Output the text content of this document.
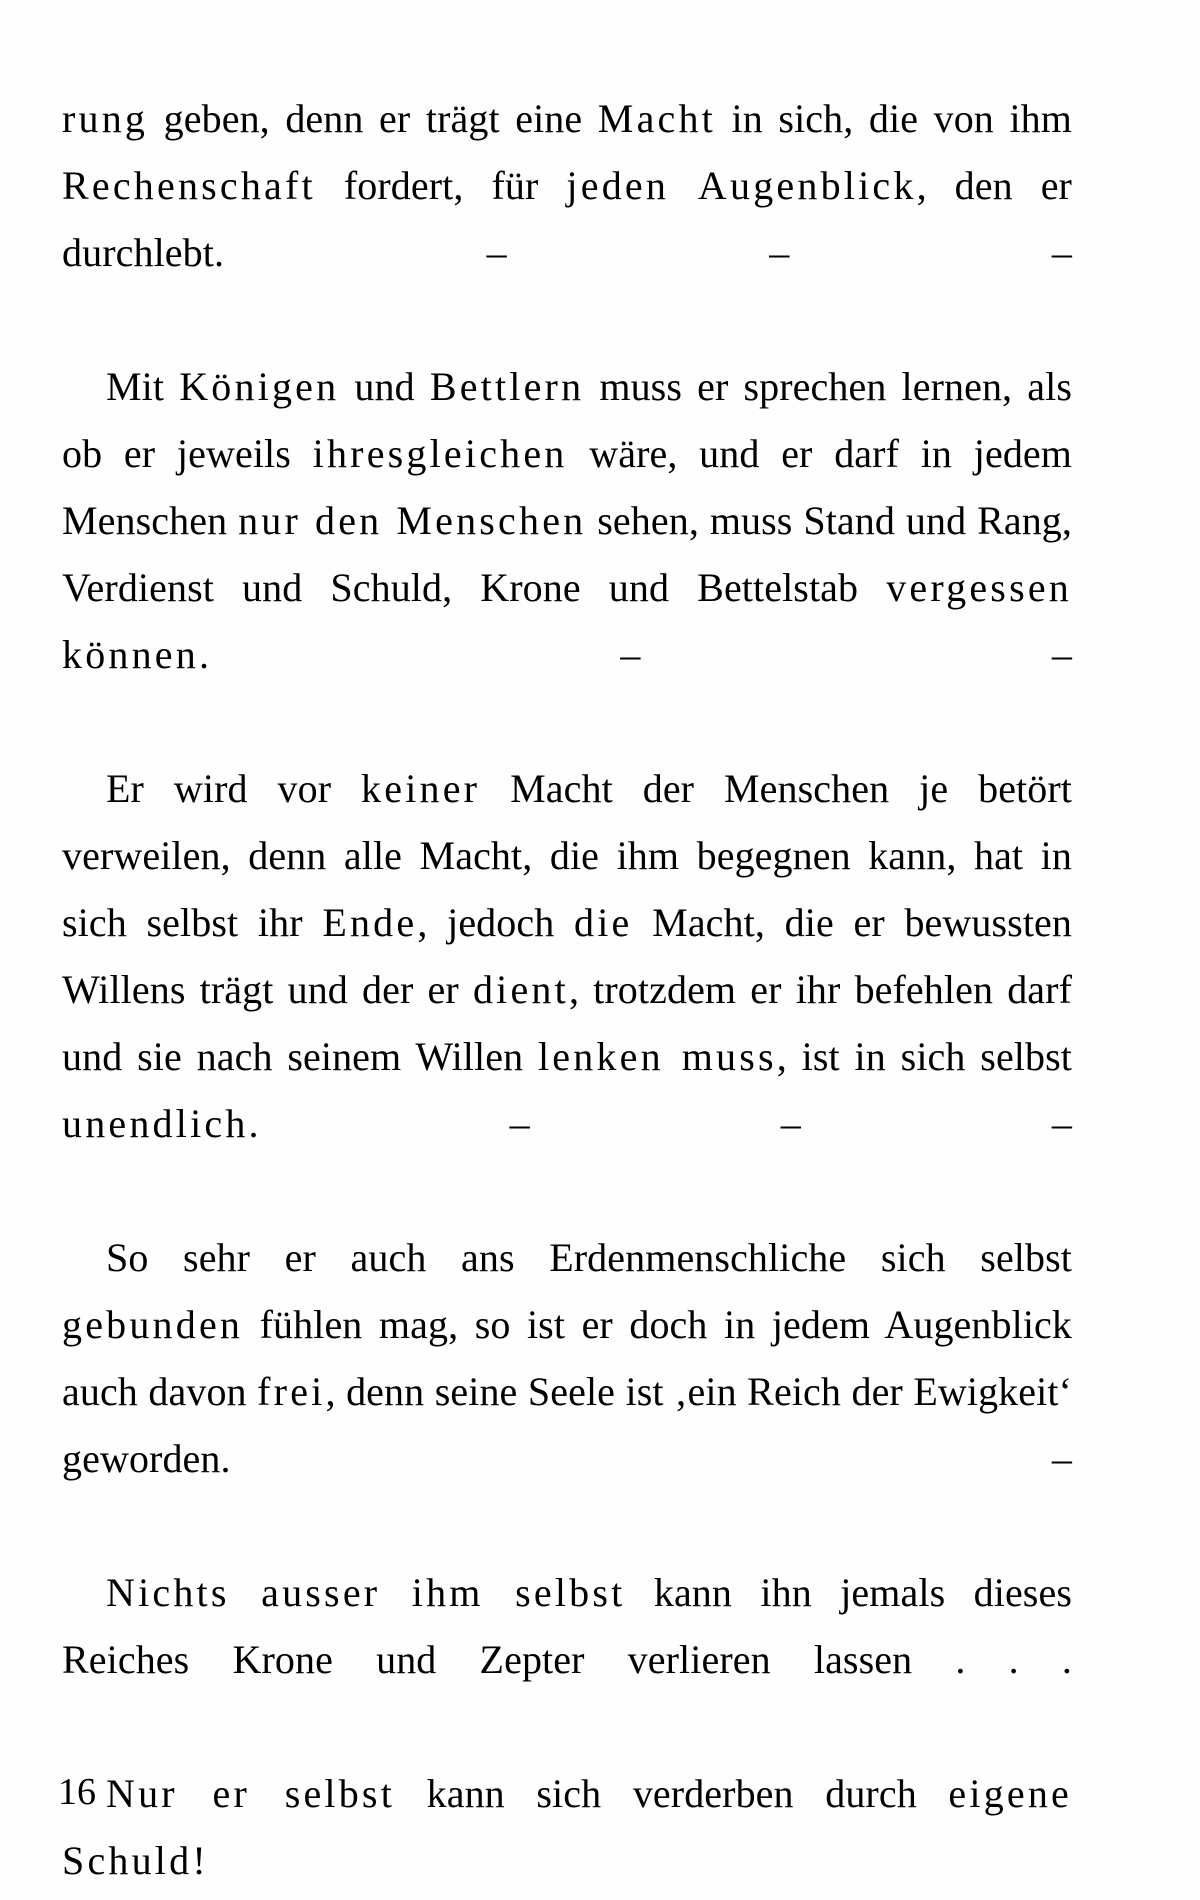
rung geben, denn er trägt eine Macht in sich, die von ihm Rechenschaft fordert, für jeden Augenblick, den er durchlebt. – – –

Mit Königen und Bettlern muss er sprechen lernen, als ob er jeweils ihresgleichen wäre, und er darf in jedem Menschen nur den Menschen sehen, muss Stand und Rang, Verdienst und Schuld, Krone und Bettelstab vergessen können. – –

Er wird vor keiner Macht der Menschen je betört verweilen, denn alle Macht, die ihm begegnen kann, hat in sich selbst ihr Ende, jedoch die Macht, die er bewussten Willens trägt und der er dient, trotzdem er ihr befehlen darf und sie nach seinem Willen lenken muss, ist in sich selbst unendlich. – – –

So sehr er auch ans Erdenmenschliche sich selbst gebunden fühlen mag, so ist er doch in jedem Augenblick auch davon frei, denn seine Seele ist ‚ein Reich der Ewigkeit‘ geworden. –

Nichts ausser ihm selbst kann ihn jemals dieses Reiches Krone und Zepter verlieren lassen . . .

Nur er selbst kann sich verderben durch eigene Schuld!

16
